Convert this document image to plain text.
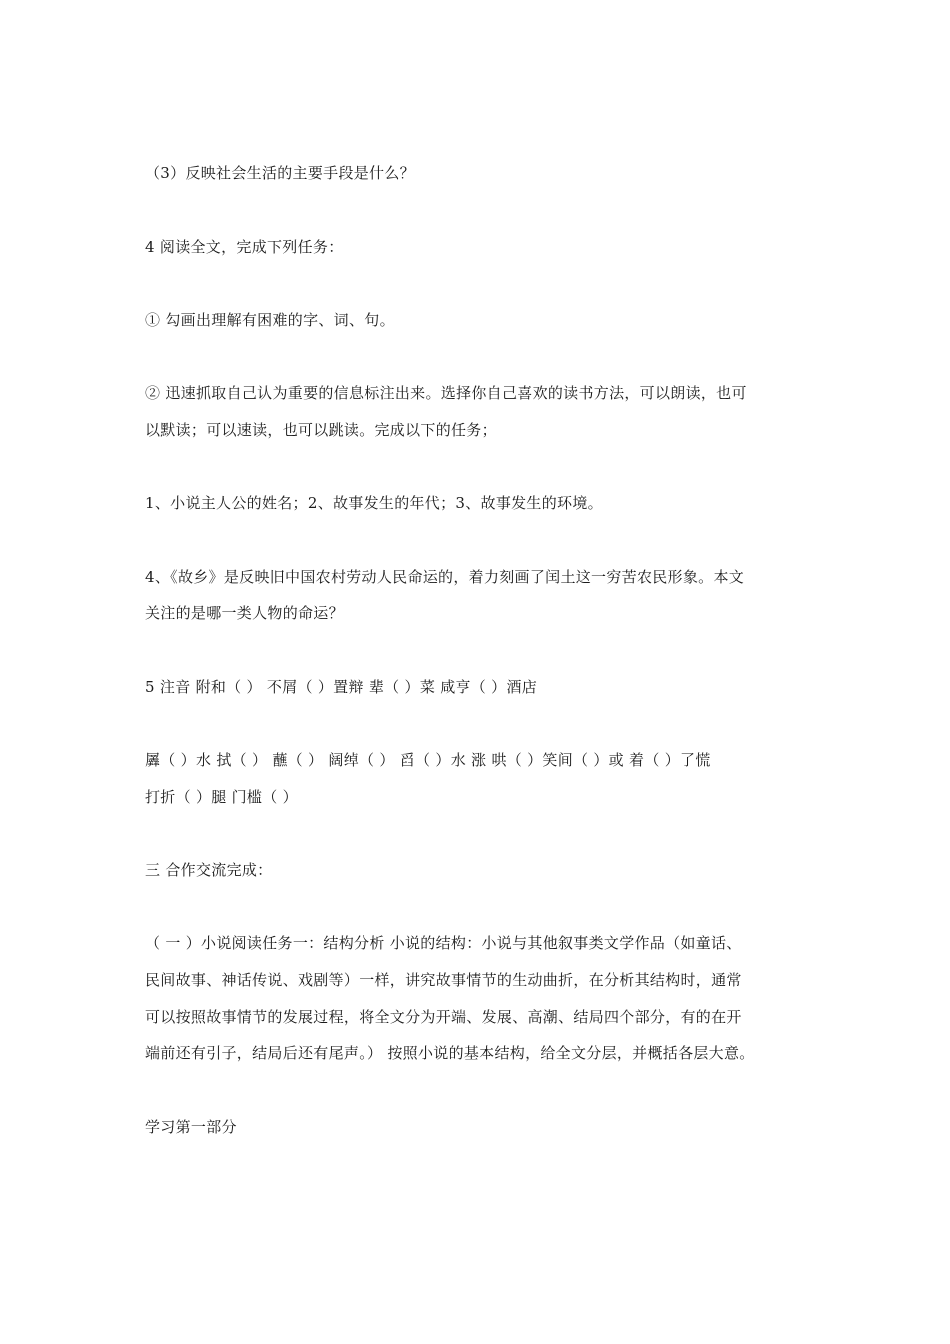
（3）反映社会生活的主要手段是什么？
4 阅读全文，完成下列任务：
① 勾画出理解有困难的字、词、句。
② 迅速抓取自己认为重要的信息标注出来。选择你自己喜欢的读书方法，可以朗读，也可
以默读；可以速读，也可以跳读。完成以下的任务；
1、小说主人公的姓名；2、故事发生的年代；3、故事发生的环境。
4、《故乡》是反映旧中国农村劳动人民命运的，着力刻画了闰土这一穷苦农民形象。本文
关注的是哪一类人物的命运？
5 注音 附和（ ） 不屑（ ）置辩 辈（ ）菜 咸亨（ ）酒店
羼（ ）水 拭（ ） 蘸（ ） 阔绰（ ） 舀（ ）水 涨 哄（ ）笑间（ ）或 着（ ）了慌
打折（ ）腿 门槛（ ）
三 合作交流完成：
（ 一 ）小说阅读任务一：结构分析 小说的结构：小说与其他叙事类文学作品（如童话、
民间故事、神话传说、戏剧等）一样，讲究故事情节的生动曲折，在分析其结构时，通常
可以按照故事情节的发展过程，将全文分为开端、发展、高潮、结局四个部分，有的在开
端前还有引子，结局后还有尾声。） 按照小说的基本结构，给全文分层，并概括各层大意。
学习第一部分
